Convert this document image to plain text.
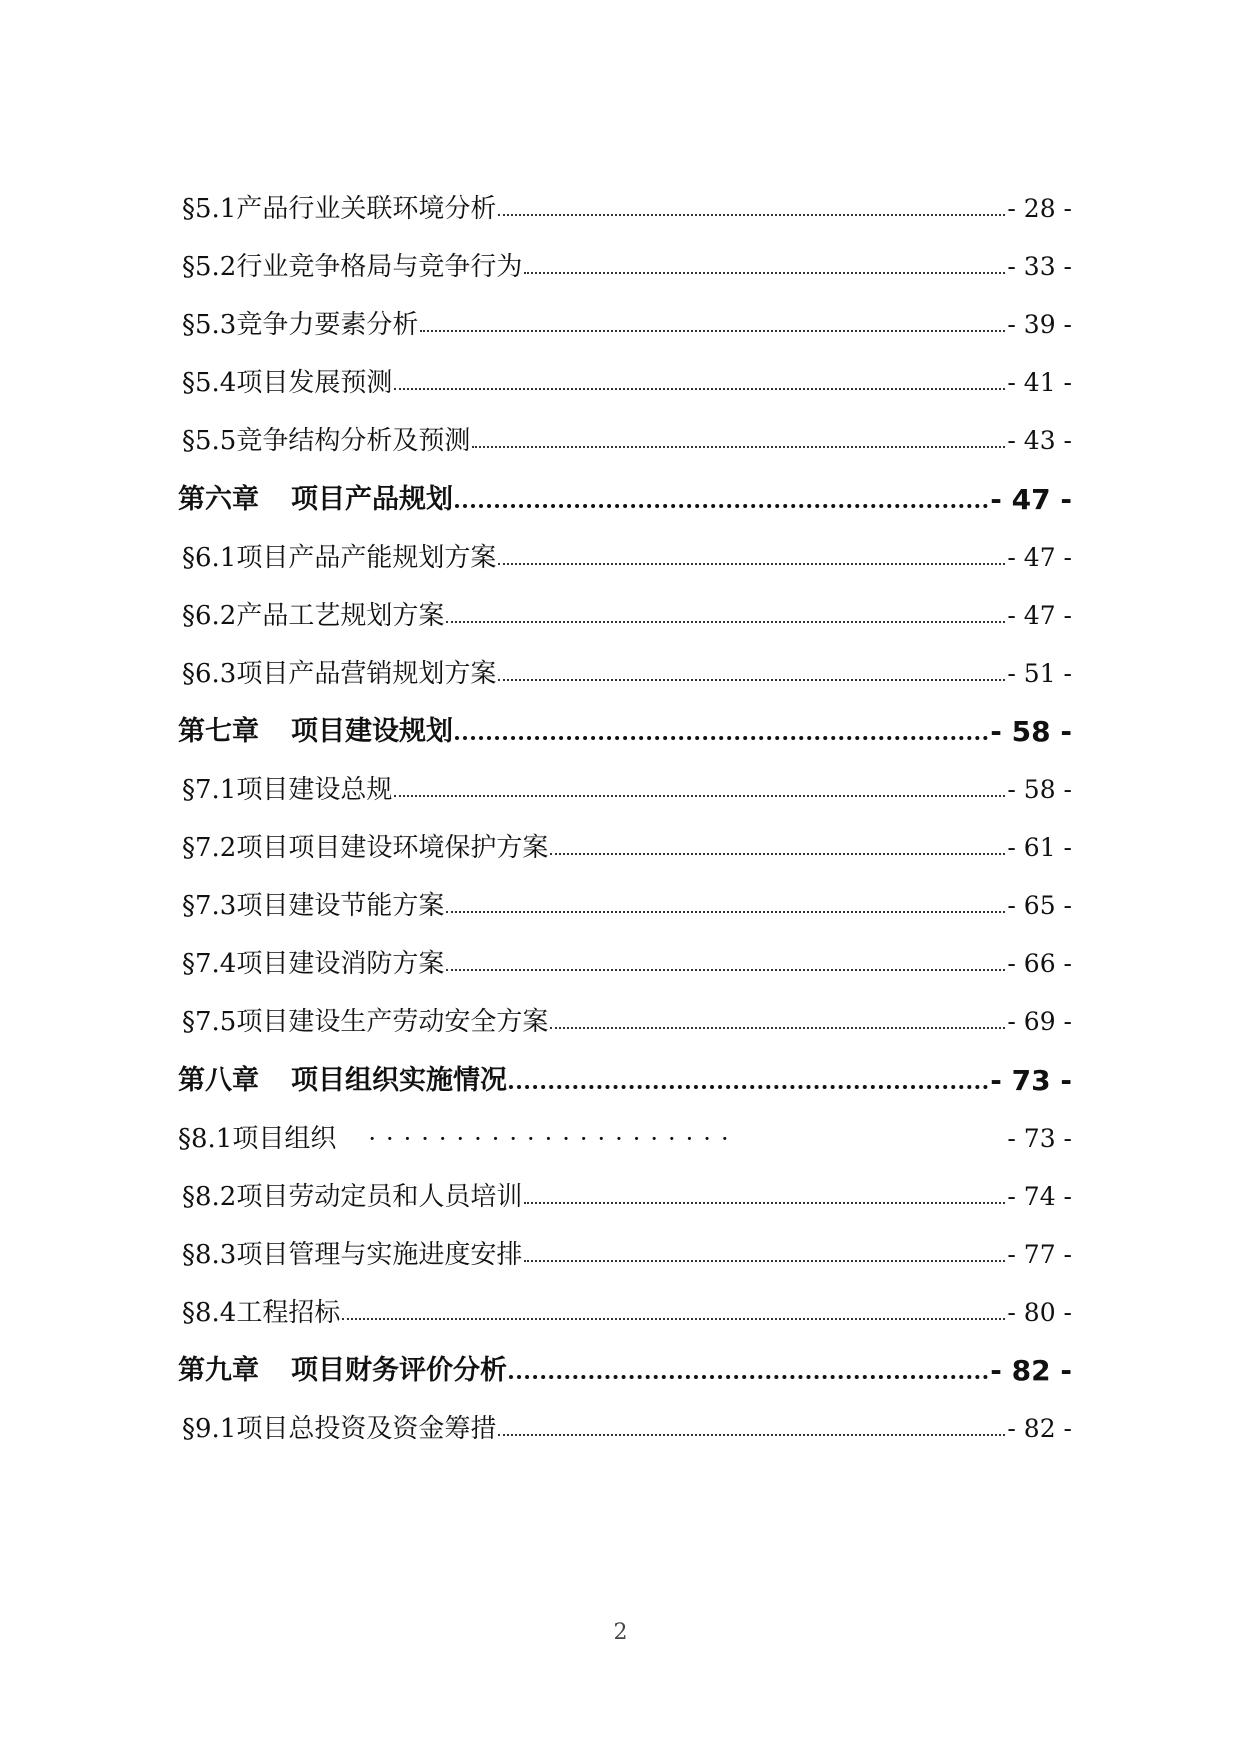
§5.1产品行业关联环境分析	- 28 -
§5.2行业竞争格局与竞争行为	- 33 -
§5.3竞争力要素分析	- 39 -
§5.4项目发展预测	- 41 -
§5.5竞争结构分析及预测	- 43 -
第六章 项目产品规划	- 47 -
§6.1项目产品产能规划方案	- 47 -
§6.2产品工艺规划方案	- 47 -
§6.3项目产品营销规划方案	- 51 -
第七章 项目建设规划	- 58 -
§7.1项目建设总规	- 58 -
§7.2项目项目建设环境保护方案	- 61 -
§7.3项目建设节能方案	- 65 -
§7.4项目建设消防方案	- 66 -
§7.5项目建设生产劳动安全方案	- 69 -
第八章 项目组织实施情况	- 73 -
§8.1项目组织 ·····················	- 73 -
§8.2项目劳动定员和人员培训	- 74 -
§8.3项目管理与实施进度安排	- 77 -
§8.4工程招标	- 80 -
第九章 项目财务评价分析	- 82 -
§9.1项目总投资及资金筹措	- 82 -
2
